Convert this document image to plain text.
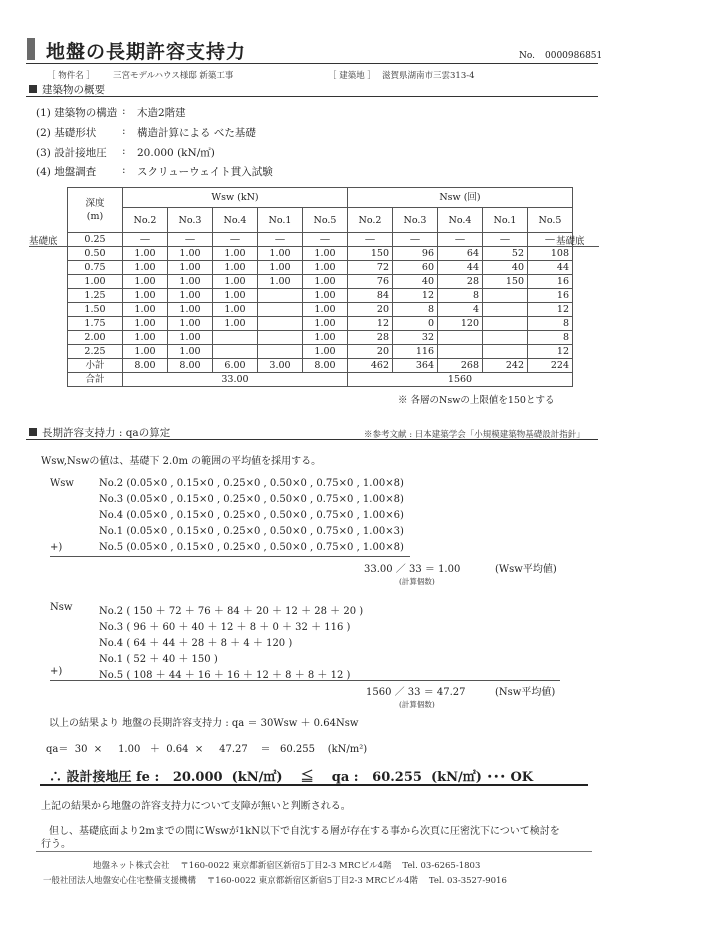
地盤の長期許容支持力	No. 0000986851
［ 物件名 ］ 三宮モデルハウス様邸 新築工事	［ 建築地 ］ 滋賀県湖南市三雲313-4
建築物の概要
(1) 建築物の構造 : 木造2階建
(2) 基礎形状 : 構造計算による べた基礎
(3) 設計接地圧 : 20.000 (kN/㎡)
(4) 地盤調査 : スクリューウェイト貫入試験
深度
(m)	Wsw (kN)					Nsw (回)				
	No.2	No.3	No.4	No.1	No.5	No.2	No.3	No.4	No.1	No.5
0.25	―	―	―	―	―	―	―	―	―	―
0.50	1.00	1.00	1.00	1.00	1.00	150	96	64	52	108
0.75	1.00	1.00	1.00	1.00	1.00	72	60	44	40	44
1.00	1.00	1.00	1.00	1.00	1.00	76	40	28	150	16
1.25	1.00	1.00	1.00		1.00	84	12	8		16
1.50	1.00	1.00	1.00		1.00	20	8	4		12
1.75	1.00	1.00	1.00		1.00	12	0	120		8
2.00	1.00	1.00			1.00	28	32			8
2.25	1.00	1.00			1.00	20	116			12
小計	8.00	8.00	6.00	3.00	8.00	462	364	268	242	224
合計	33.00					1560				
基礎底	基礎底
※ 各層のNswの上限値を150とする
長期許容支持力 : qaの算定	※参考文献 : 日本建築学会「小規模建築物基礎設計指針」
Wsw,Nswの値は、基礎下 2.0m の範囲の平均値を採用する。
Wsw	No.2 (0.05×0 , 0.15×0 , 0.25×0 , 0.50×0 , 0.75×0 , 1.00×8)
No.3 (0.05×0 , 0.15×0 , 0.25×0 , 0.50×0 , 0.75×0 , 1.00×8)
No.4 (0.05×0 , 0.15×0 , 0.25×0 , 0.50×0 , 0.75×0 , 1.00×6)
No.1 (0.05×0 , 0.15×0 , 0.25×0 , 0.50×0 , 0.75×0 , 1.00×3)
+)	No.5 (0.05×0 , 0.15×0 , 0.25×0 , 0.50×0 , 0.75×0 , 1.00×8)
33.00 ／ 33 ＝ 1.00	(Wsw平均値)
(計算個数)
Nsw	No.2 ( 150 ＋ 72 ＋ 76 ＋ 84 ＋ 20 ＋ 12 ＋ 28 ＋ 20 )
No.3 ( 96 ＋ 60 ＋ 40 ＋ 12 ＋ 8 ＋ 0 ＋ 32 ＋ 116 )
No.4 ( 64 ＋ 44 ＋ 28 ＋ 8 ＋ 4 ＋ 120 )
No.1 ( 52 ＋ 40 ＋ 150 )
+)	No.5 ( 108 ＋ 44 ＋ 16 ＋ 16 ＋ 12 ＋ 8 ＋ 8 ＋ 12 )
1560 ／ 33 ＝ 47.27	(Nsw平均値)
(計算個数)
以上の結果より 地盤の長期許容支持力 : qa ＝ 30Wsw ＋ 0.64Nsw
qa＝  30  ×     1.00   ＋  0.64  ×     47.27    ＝   60.255    (kN/m²)
∴ 設計接地圧 fe :   20.000  (kN/㎡)    ≦    qa :   60.255  (kN/㎡) ･･･ OK
上記の結果から地盤の許容支持力について支障が無いと判断される。
但し、基礎底面より2mまでの間にWswが1kN以下で自沈する層が存在する事から次頁に圧密沈下について検討を
行う。
地盤ネット株式会社    〒160-0022 東京都新宿区新宿5丁目2-3 MRCビル4階    Tel. 03-6265-1803
一般社団法人地盤安心住宅整備支援機構    〒160-0022 東京都新宿区新宿5丁目2-3 MRCビル4階    Tel. 03-3527-9016
